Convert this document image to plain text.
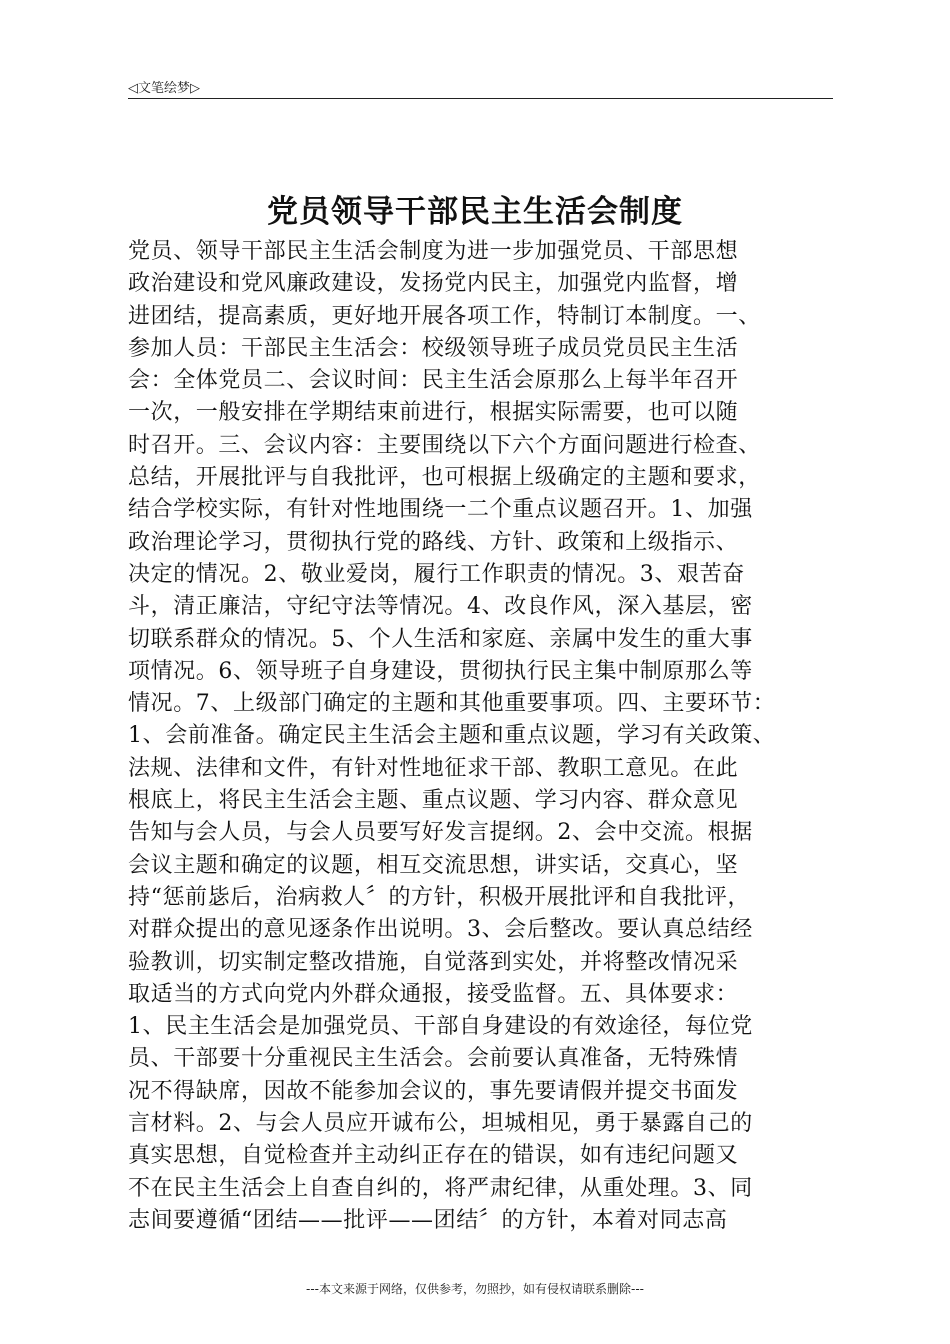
◁文笔绘梦▷
党员领导干部民主生活会制度
党员、领导干部民主生活会制度为进一步加强党员、干部思想
政治建设和党风廉政建设，发扬党内民主，加强党内监督，增
进团结，提高素质，更好地开展各项工作，特制订本制度。一、
参加人员：干部民主生活会：校级领导班子成员党员民主生活
会：全体党员二、会议时间：民主生活会原那么上每半年召开
一次，一般安排在学期结束前进行，根据实际需要，也可以随
时召开。三、会议内容：主要围绕以下六个方面问题进行检查、
总结，开展批评与自我批评，也可根据上级确定的主题和要求，
结合学校实际，有针对性地围绕一二个重点议题召开。1、加强
政治理论学习，贯彻执行党的路线、方针、政策和上级指示、
决定的情况。2、敬业爱岗，履行工作职责的情况。3、艰苦奋
斗，清正廉洁，守纪守法等情况。4、改良作风，深入基层，密
切联系群众的情况。5、个人生活和家庭、亲属中发生的重大事
项情况。6、领导班子自身建设，贯彻执行民主集中制原那么等
情况。7、上级部门确定的主题和其他重要事项。四、主要环节：
1、会前准备。确定民主生活会主题和重点议题，学习有关政策、
法规、法律和文件，有针对性地征求干部、教职工意见。在此
根底上，将民主生活会主题、重点议题、学习内容、群众意见
告知与会人员，与会人员要写好发言提纲。2、会中交流。根据
会议主题和确定的议题，相互交流思想，讲实话，交真心，坚
持“惩前毖后，治病救人〞的方针，积极开展批评和自我批评，
对群众提出的意见逐条作出说明。3、会后整改。要认真总结经
验教训，切实制定整改措施，自觉落到实处，并将整改情况采
取适当的方式向党内外群众通报，接受监督。五、具体要求：
1、民主生活会是加强党员、干部自身建设的有效途径，每位党
员、干部要十分重视民主生活会。会前要认真准备，无特殊情
况不得缺席，因故不能参加会议的，事先要请假并提交书面发
言材料。2、与会人员应开诚布公，坦城相见，勇于暴露自己的
真实思想，自觉检查并主动纠正存在的错误，如有违纪问题又
不在民主生活会上自查自纠的，将严肃纪律，从重处理。3、同
志间要遵循“团结——批评——团结〞的方针，本着对同志高
---本文来源于网络，仅供参考，勿照抄，如有侵权请联系删除---
